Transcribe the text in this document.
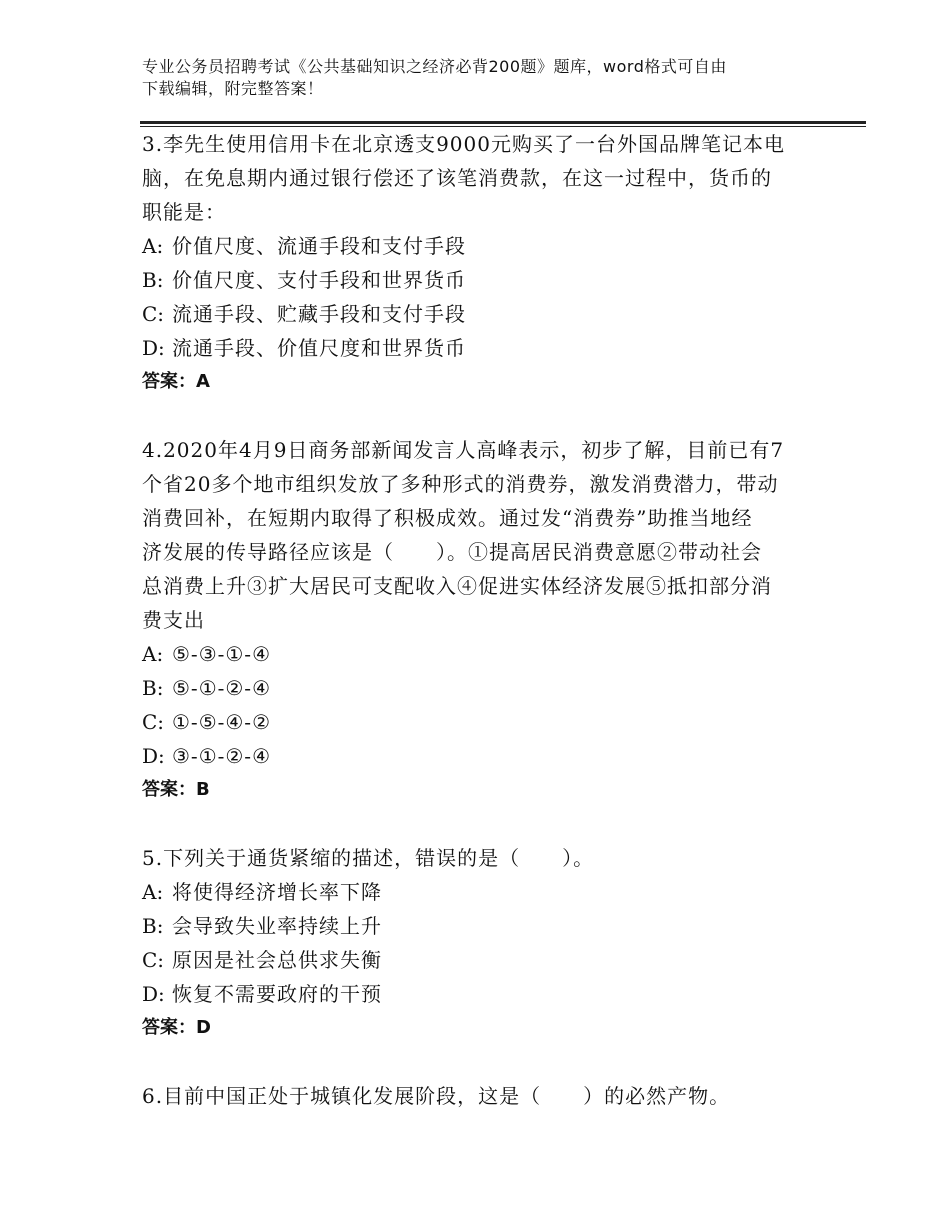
专业公务员招聘考试《公共基础知识之经济必背200题》题库，word格式可自由
下载编辑，附完整答案！
3.李先生使用信用卡在北京透支9000元购买了一台外国品牌笔记本电
脑，在免息期内通过银行偿还了该笔消费款，在这一过程中，货币的
职能是：
A: 价值尺度、流通手段和支付手段
B: 价值尺度、支付手段和世界货币
C: 流通手段、贮藏手段和支付手段
D: 流通手段、价值尺度和世界货币
答案：A
4.2020年4月9日商务部新闻发言人高峰表示，初步了解，目前已有7
个省20多个地市组织发放了多种形式的消费券，激发消费潜力，带动
消费回补，在短期内取得了积极成效。通过发“消费券”助推当地经
济发展的传导路径应该是（　　）。①提高居民消费意愿②带动社会
总消费上升③扩大居民可支配收入④促进实体经济发展⑤抵扣部分消
费支出
A: ⑤-③-①-④
B: ⑤-①-②-④
C: ①-⑤-④-②
D: ③-①-②-④
答案：B
5.下列关于通货紧缩的描述，错误的是（　　）。
A: 将使得经济增长率下降
B: 会导致失业率持续上升
C: 原因是社会总供求失衡
D: 恢复不需要政府的干预
答案：D
6.目前中国正处于城镇化发展阶段，这是（　　）的必然产物。
